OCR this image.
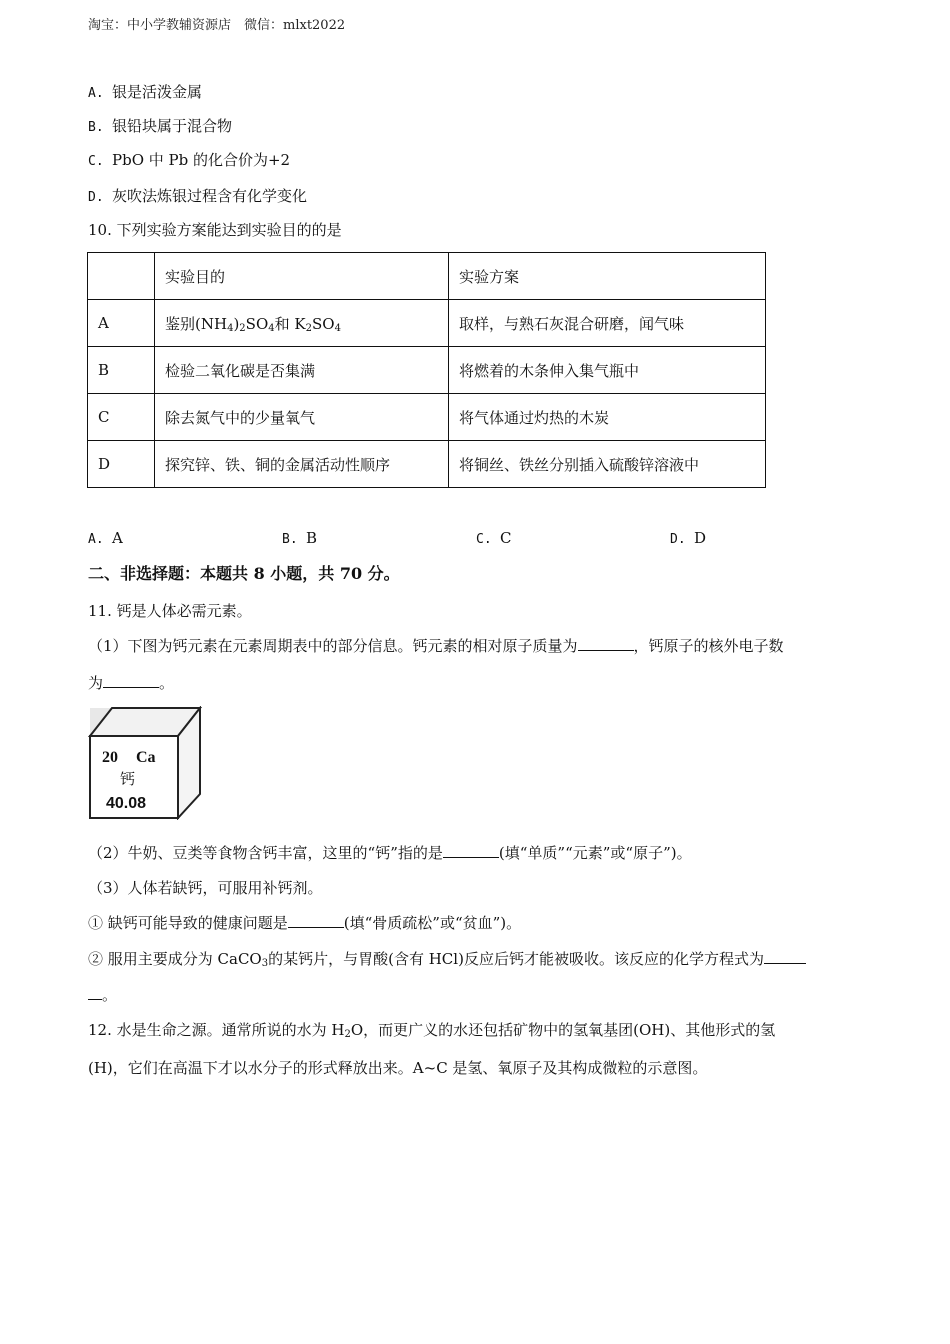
淘宝：中小学教辅资源店　微信：mlxt2022
A. 银是活泼金属
B. 银铅块属于混合物
C. PbO 中 Pb 的化合价为+2
D. 灰吹法炼银过程含有化学变化
10. 下列实验方案能达到实验目的的是
	实验目的	实验方案
A	鉴别$(NH_4)_2SO_4$和 $K_2SO_4$	取样，与熟石灰混合研磨，闻气味
B	检验二氧化碳是否集满	将燃着的木条伸入集气瓶中
C	除去氮气中的少量氧气	将气体通过灼热的木炭
D	探究锌、铁、铜的金属活动性顺序	将铜丝、铁丝分别插入硫酸锌溶液中
A. A	B. B	C. C	D. D
二、非选择题：本题共 8 小题，共 70 分。
11. 钙是人体必需元素。
（1）下图为钙元素在元素周期表中的部分信息。钙元素的相对原子质量为	，钙原子的核外电子数
为	。
20 Ca
钙
40.08
（2）牛奶、豆类等食物含钙丰富，这里的“钙”指的是	(填“单质”“元素”或“原子”)。
（3）人体若缺钙，可服用补钙剂。
① 缺钙可能导致的健康问题是	(填“骨质疏松”或“贫血”)。
② 服用主要成分为 CaCO$_3$的某钙片，与胃酸(含有 HCl)反应后钙才能被吸收。该反应的化学方程式为
。
12. 水是生命之源。通常所说的水为 $H_2O$，而更广义的水还包括矿物中的氢氧基团(OH)、其他形式的氢
(H)，它们在高温下才以水分子的形式释放出来。A~C 是氢、氧原子及其构成微粒的示意图。
